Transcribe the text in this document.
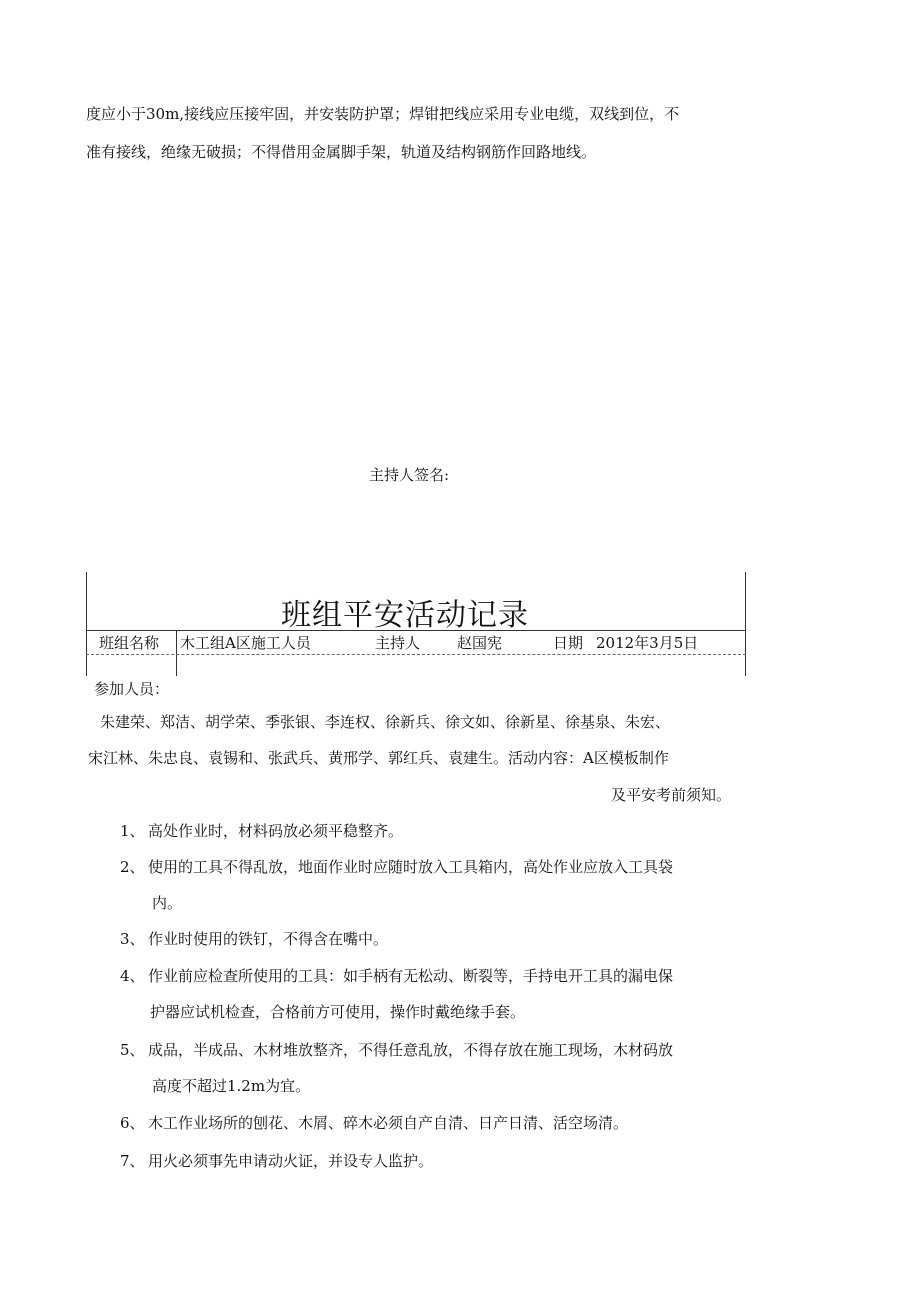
度应小于30m,接线应压接牢固，并安装防护罩；焊钳把线应采用专业电缆，双线到位，不
准有接线，绝缘无破损；不得借用金属脚手架，轨道及结构钢筋作回路地线。
主持人签名:
班组平安活动记录
班组名称 木工组A区施工人员	主持人 赵国宪	日期 2012年3月5日
参加人员：
朱建荣、郑洁、胡学荣、季张银、李连权、徐新兵、徐文如、徐新星、徐基泉、朱宏、
宋江林、朱忠良、袁锡和、张武兵、黄邢学、郭红兵、袁建生。活动内容：A区模板制作
及平安考前须知。
1、 高处作业时，材料码放必须平稳整齐。
2、 使用的工具不得乱放，地面作业时应随时放入工具箱内，高处作业应放入工具袋
内。
3、 作业时使用的铁钉，不得含在嘴中。
4、 作业前应检查所使用的工具：如手柄有无松动、断裂等，手持电开工具的漏电保
护器应试机检查，合格前方可使用，操作时戴绝缘手套。
5、 成品，半成品、木材堆放整齐，不得任意乱放，不得存放在施工现场，木材码放
高度不超过1.2m为宜。
6、 木工作业场所的刨花、木屑、碎木必须自产自清、日产日清、活空场清。
7、 用火必须事先申请动火证，并设专人监护。
